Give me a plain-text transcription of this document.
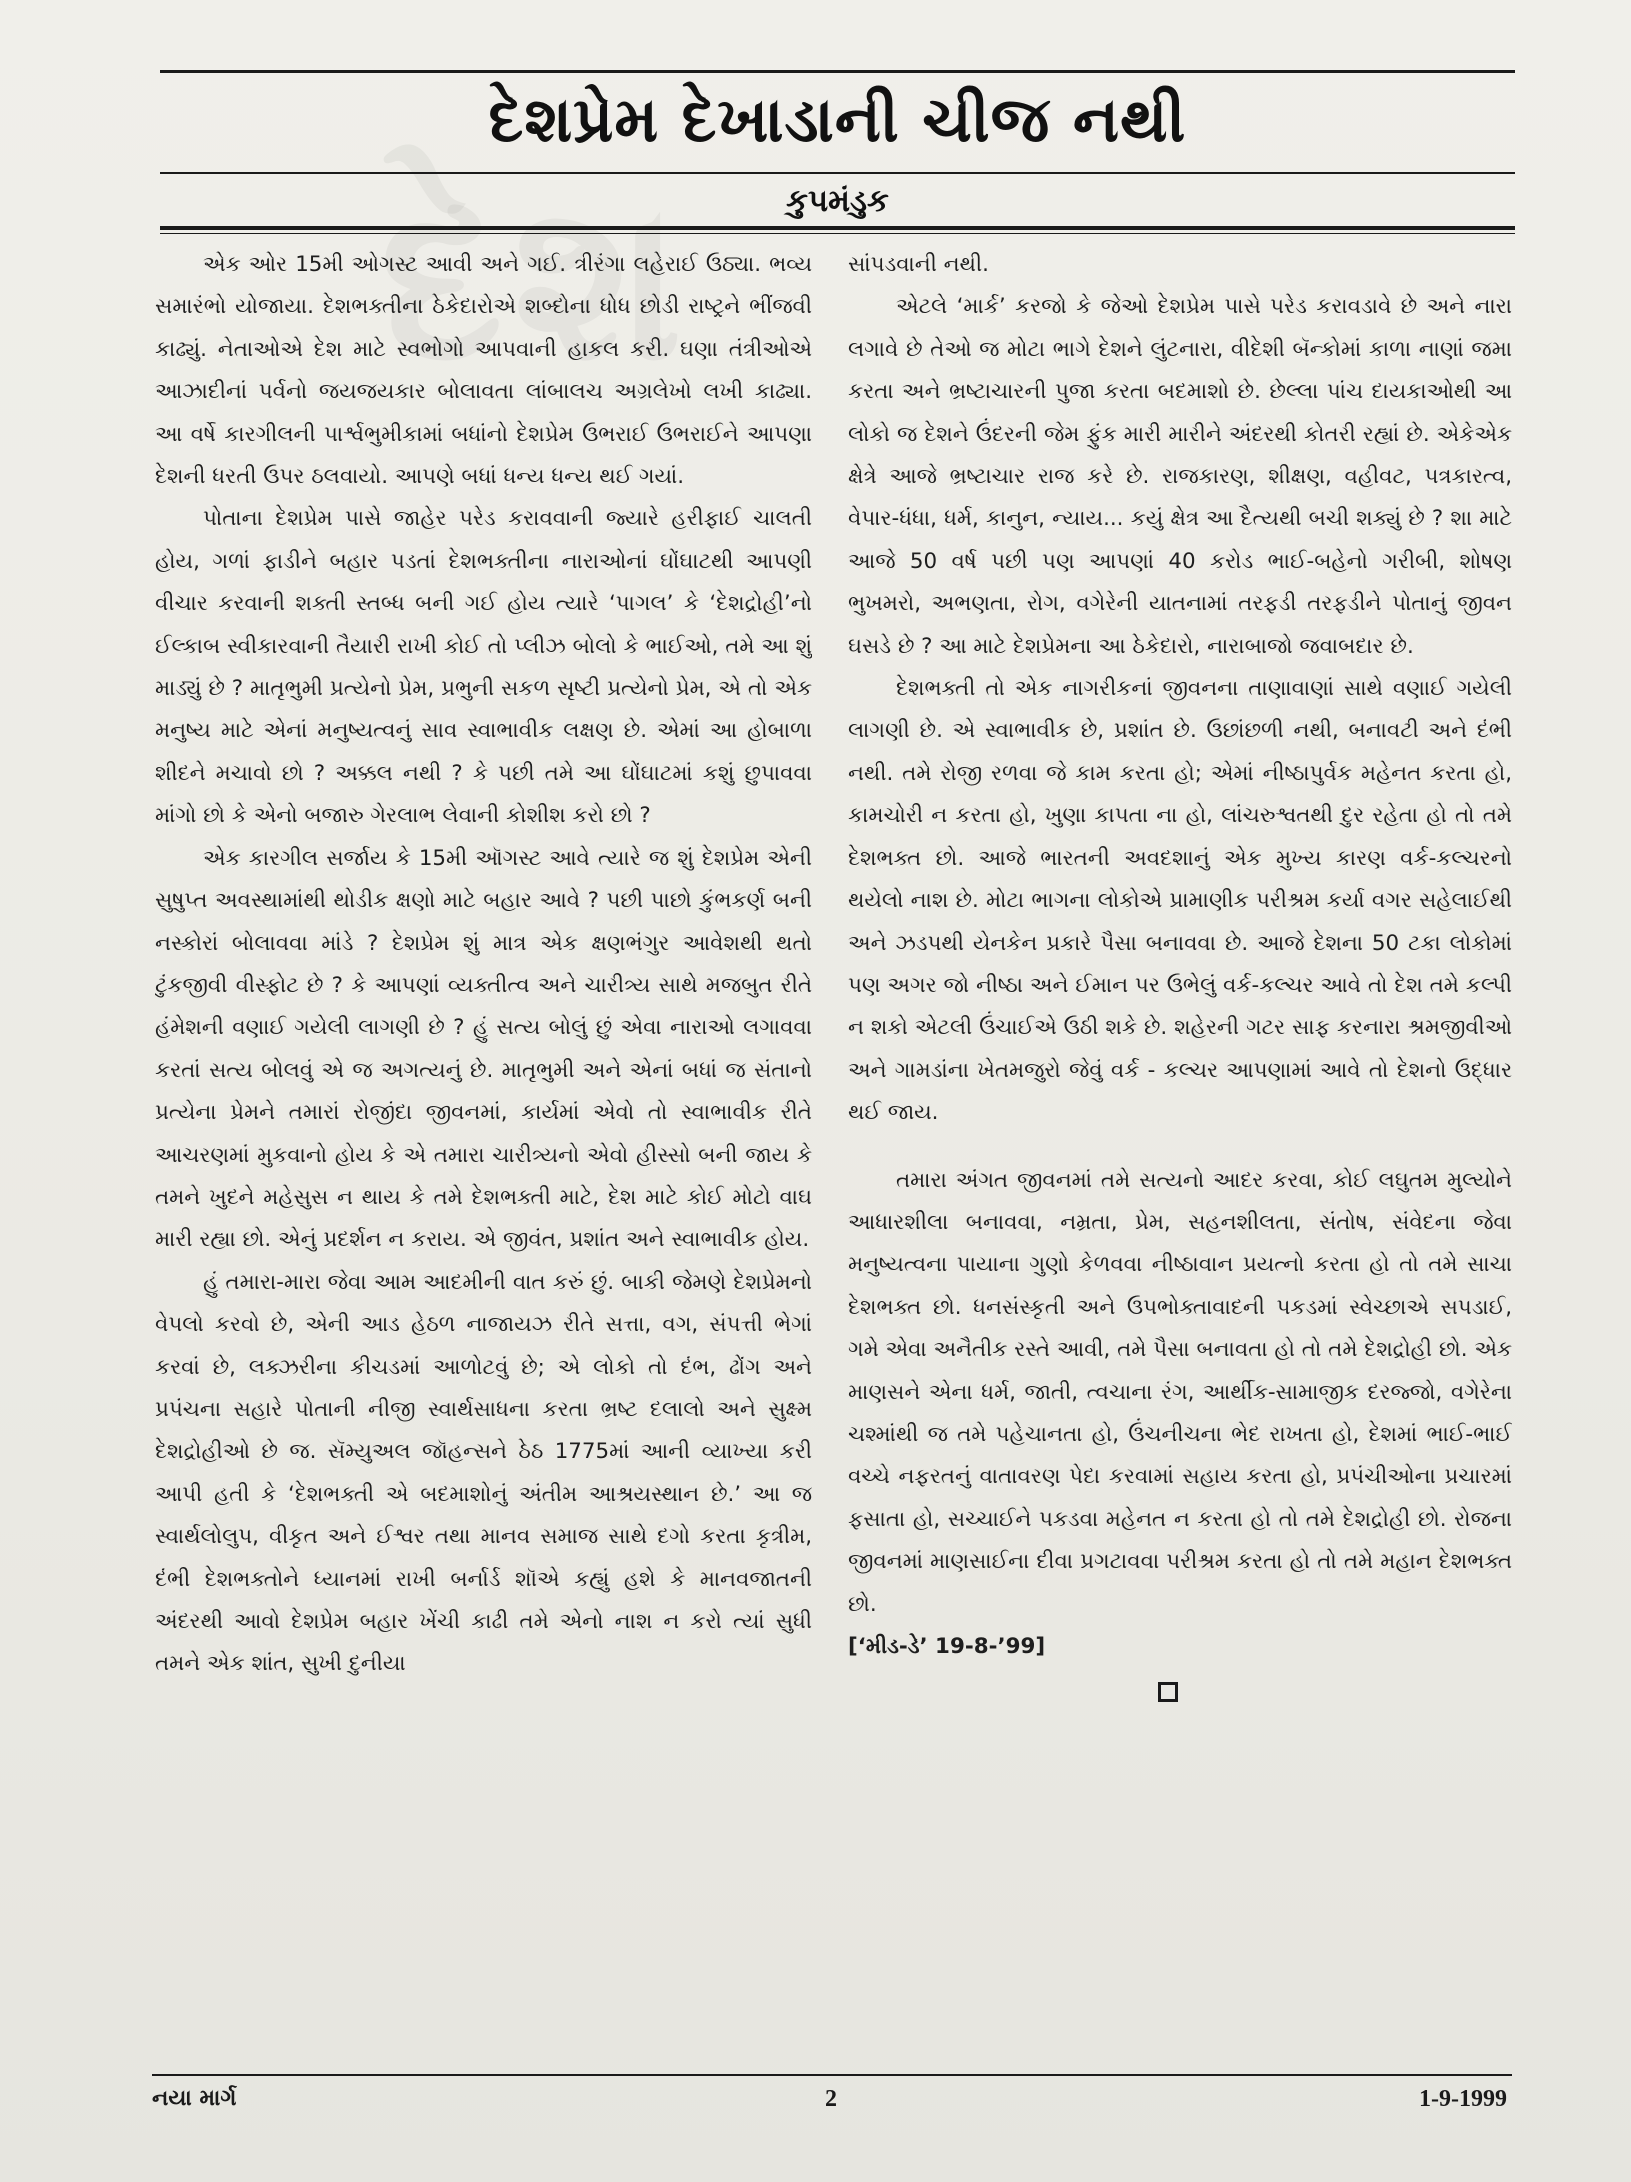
દેશપ્રેમ દેખાડાની ચીજ નથી
કુપમંડુક

એક ઓર 15મી ઓગસ્ટ આવી અને ગઈ. ત્રીરંગા લહેરાઈ ઉઠ્યા. ભવ્ય સમારંભો યોજાયા. દેશભક્તીના ઠેકેદારોએ શબ્દોના ધોધ છોડી રાષ્ટ્રને ભીંજવી કાઢ્યું. નેતાઓએ દેશ માટે સ્વભોગો આપવાની હાકલ કરી. ઘણા તંત્રીઓએ આઝાદીનાં પર્વનો જયજયકાર બોલાવતા લાંબાલચ અગ્રલેખો લખી કાઢ્યા. આ વર્ષે કારગીલની પાર્શ્વભુમીકામાં બધાંનો દેશપ્રેમ ઉભરાઈ ઉભરાઈને આપણા દેશની ધરતી ઉપર ઠલવાયો. આપણે બધાં ધન્ય ધન્ય થઈ ગયાં.

પોતાના દેશપ્રેમ પાસે જાહેર પરેડ કરાવવાની જ્યારે હરીફાઈ ચાલતી હોય, ગળાં ફાડીને બહાર પડતાં દેશભક્તીના નારાઓનાં ઘોંઘાટથી આપણી વીચાર કરવાની શક્તી સ્તબ્ધ બની ગઈ હોય ત્યારે ‘પાગલ’ કે ‘દેશદ્રોહી’નો ઈલ્કાબ સ્વીકારવાની તૈયારી રાખી કોઈ તો પ્લીઝ બોલો કે ભાઈઓ, તમે આ શું માડ્યું છે ? માતૃભુમી પ્રત્યેનો પ્રેમ, પ્રભુની સકળ સૃષ્ટી પ્રત્યેનો પ્રેમ, એ તો એક મનુષ્ય માટે એનાં મનુષ્યત્વનું સાવ સ્વાભાવીક લક્ષણ છે. એમાં આ હોબાળા શીદને મચાવો છો ? અક્કલ નથી ? કે પછી તમે આ ઘોંઘાટમાં કશું છુપાવવા માંગો છો કે એનો બજારુ ગેરલાભ લેવાની કોશીશ કરો છો ?

એક કારગીલ સર્જાય કે 15મી ઑગસ્ટ આવે ત્યારે જ શું દેશપ્રેમ એની સુષુપ્ત અવસ્થામાંથી થોડીક ક્ષણો માટે બહાર આવે ? પછી પાછો કુંભકર્ણ બની નસ્કોરાં બોલાવવા માંડે ? દેશપ્રેમ શું માત્ર એક ક્ષણભંગુર આવેશથી થતો ટુંકજીવી વીસ્ફોટ છે ? કે આપણાં વ્યક્તીત્વ અને ચારીત્ર્ય સાથે મજબુત રીતે હંમેશની વણાઈ ગયેલી લાગણી છે ? હું સત્ય બોલું છું એવા નારાઓ લગાવવા કરતાં સત્ય બોલવું એ જ અગત્યનું છે. માતૃભુમી અને એનાં બધાં જ સંતાનો પ્રત્યેના પ્રેમને તમારાં રોજીંદા જીવનમાં, કાર્યમાં એવો તો સ્વાભાવીક રીતે આચરણમાં મુકવાનો હોય કે એ તમારા ચારીત્ર્યનો એવો હીસ્સો બની જાય કે તમને ખુદને મહેસુસ ન થાય કે તમે દેશભક્તી માટે, દેશ માટે કોઈ મોટો વાઘ મારી રહ્યા છો. એનું પ્રદર્શન ન કરાય. એ જીવંત, પ્રશાંત અને સ્વાભાવીક હોય.

હું તમારા-મારા જેવા આમ આદમીની વાત કરું છું. બાકી જેમણે દેશપ્રેમનો વેપલો કરવો છે, એની આડ હેઠળ નાજાયઝ રીતે સત્તા, વગ, સંપત્તી ભેગાં કરવાં છે, લક્ઝરીના કીચડમાં આળોટવું છે; એ લોકો તો દંભ, ઢોંગ અને પ્રપંચના સહારે પોતાની નીજી સ્વાર્થસાધના કરતા ભ્રષ્ટ દલાલો અને સુક્ષ્મ દેશદ્રોહીઓ છે જ. સૅમ્યુઅલ જૉહન્સને ઠેઠ 1775માં આની વ્યાખ્યા કરી આપી હતી કે ‘દેશભક્તી એ બદમાશોનું અંતીમ આશ્રયસ્થાન છે.’ આ જ સ્વાર્થલોલુપ, વીકૃત અને ઈશ્વર તથા માનવ સમાજ સાથે દગો કરતા કૃત્રીમ, દંભી દેશભક્તોને ધ્યાનમાં રાખી બર્નાર્ડ શૉએ કહ્યું હશે કે માનવજાતની અંદરથી આવો દેશપ્રેમ બહાર ખેંચી કાઢી તમે એનો નાશ ન કરો ત્યાં સુધી તમને એક શાંત, સુખી દુનીયા

સાંપડવાની નથી.

એટલે ‘માર્ક’ કરજો કે જેઓ દેશપ્રેમ પાસે પરેડ કરાવડાવે છે અને નારા લગાવે છે તેઓ જ મોટા ભાગે દેશને લુંટનારા, વીદેશી બૅન્કોમાં કાળા નાણાં જમા કરતા અને ભ્રષ્ટાચારની પુજા કરતા બદમાશો છે. છેલ્લા પાંચ દાયકાઓથી આ લોકો જ દેશને ઉંદરની જેમ ફુંક મારી મારીને અંદરથી કોતરી રહ્યાં છે. એકેએક ક્ષેત્રે આજે ભ્રષ્ટાચાર રાજ કરે છે. રાજકારણ, શીક્ષણ, વહીવટ, પત્રકારત્વ, વેપાર-ધંધા, ધર્મ, કાનુન, ન્યાય... કયું ક્ષેત્ર આ દૈત્યથી બચી શક્યું છે ? શા માટે આજે 50 વર્ષ પછી પણ આપણાં 40 કરોડ ભાઈ-બહેનો ગરીબી, શોષણ ભુખમરો, અભણતા, રોગ, વગેરેની યાતનામાં તરફડી તરફડીને પોતાનું જીવન ઘસડે છે ? આ માટે દેશપ્રેમના આ ઠેકેદારો, નારાબાજો જવાબદાર છે.

દેશભક્તી તો એક નાગરીકનાં જીવનના તાણાવાણાં સાથે વણાઈ ગયેલી લાગણી છે. એ સ્વાભાવીક છે, પ્રશાંત છે. ઉછાંછળી નથી, બનાવટી અને દંભી નથી. તમે રોજી રળવા જે કામ કરતા હો; એમાં નીષ્ઠાપુર્વક મહેનત કરતા હો, કામચોરી ન કરતા હો, ખુણા કાપતા ના હો, લાંચરુશ્વતથી દુર રહેતા હો તો તમે દેશભક્ત છો. આજે ભારતની અવદશાનું એક મુખ્ય કારણ વર્ક-કલ્ચરનો થયેલો નાશ છે. મોટા ભાગના લોકોએ પ્રામાણીક પરીશ્રમ કર્યા વગર સહેલાઈથી અને ઝડપથી યેનકેન પ્રકારે પૈસા બનાવવા છે. આજે દેશના 50 ટકા લોકોમાં પણ અગર જો નીષ્ઠા અને ઈમાન પર ઉભેલું વર્ક-કલ્ચર આવે તો દેશ તમે કલ્પી ન શકો એટલી ઉંચાઈએ ઉઠી શકે છે. શહેરની ગટર સાફ કરનારા શ્રમજીવીઓ અને ગામડાંના ખેતમજુરો જેવું વર્ક - કલ્ચર આપણામાં આવે તો દેશનો ઉદ્ધાર થઈ જાય.

તમારા અંગત જીવનમાં તમે સત્યનો આદર કરવા, કોઈ લઘુતમ મુલ્યોને આધારશીલા બનાવવા, નમ્રતા, પ્રેમ, સહનશીલતા, સંતોષ, સંવેદના જેવા મનુષ્યત્વના પાયાના ગુણો કેળવવા નીષ્ઠાવાન પ્રયત્નો કરતા હો તો તમે સાચા દેશભક્ત છો. ધનસંસ્કૃતી અને ઉપભોક્તાવાદની પકડમાં સ્વેચ્છાએ સપડાઈ, ગમે એવા અનૈતીક રસ્તે આવી, તમે પૈસા બનાવતા હો તો તમે દેશદ્રોહી છો. એક માણસને એના ધર્મ, જાતી, ત્વચાના રંગ, આર્થીક-સામાજીક દરજ્જો, વગેરેના ચશ્માંથી જ તમે પહેચાનતા હો, ઉંચનીચના ભેદ રાખતા હો, દેશમાં ભાઈ-ભાઈ વચ્ચે નફરતનું વાતાવરણ પેદા કરવામાં સહાય કરતા હો, પ્રપંચીઓના પ્રચારમાં ફસાતા હો, સચ્ચાઈને પકડવા મહેનત ન કરતા હો તો તમે દેશદ્રોહી છો. રોજના જીવનમાં માણસાઈના દીવા પ્રગટાવવા પરીશ્રમ કરતા હો તો તમે મહાન દેશભક્ત છો.

[‘મીડ-ડે’ 19-8-’99]

નયા માર્ગ	2	1-9-1999
